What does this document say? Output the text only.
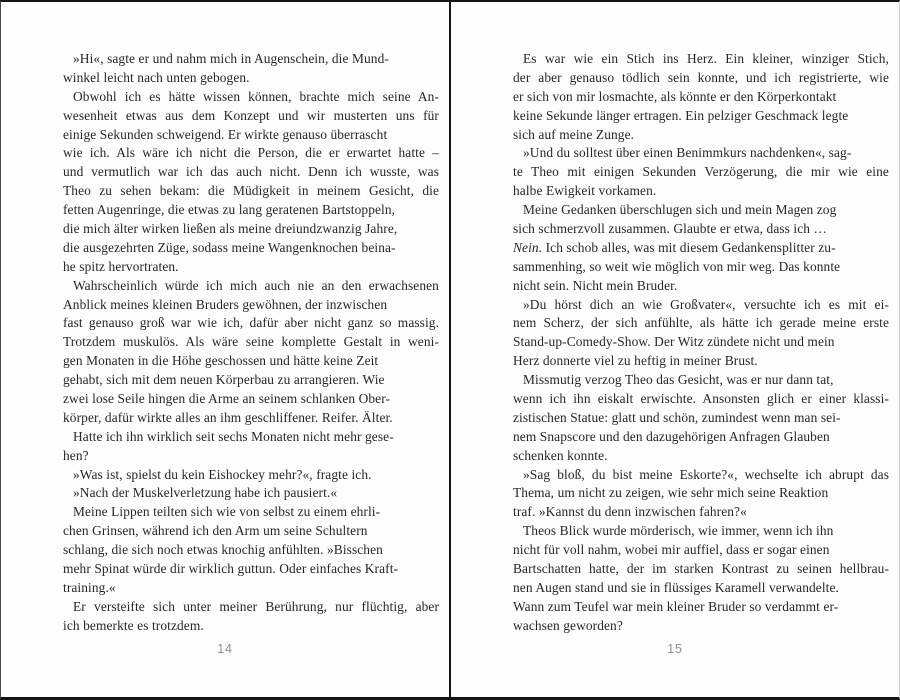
»Hi«, sagte er und nahm mich in Augenschein, die Mund-
winkel leicht nach unten gebogen.
Obwohl ich es hätte wissen können, brachte mich seine An-
wesenheit etwas aus dem Konzept und wir musterten uns für
einige Sekunden schweigend. Er wirkte genauso überrascht
wie ich. Als wäre ich nicht die Person, die er erwartet hatte –
und vermutlich war ich das auch nicht. Denn ich wusste, was
Theo zu sehen bekam: die Müdigkeit in meinem Gesicht, die
fetten Augenringe, die etwas zu lang geratenen Bartstoppeln,
die mich älter wirken ließen als meine dreiundzwanzig Jahre,
die ausgezehrten Züge, sodass meine Wangenknochen beina-
he spitz hervortraten.
Wahrscheinlich würde ich mich auch nie an den erwachsenen
Anblick meines kleinen Bruders gewöhnen, der inzwischen
fast genauso groß war wie ich, dafür aber nicht ganz so massig.
Trotzdem muskulös. Als wäre seine komplette Gestalt in weni-
gen Monaten in die Höhe geschossen und hätte keine Zeit
gehabt, sich mit dem neuen Körperbau zu arrangieren. Wie
zwei lose Seile hingen die Arme an seinem schlanken Ober-
körper, dafür wirkte alles an ihm geschliffener. Reifer. Älter.
Hatte ich ihn wirklich seit sechs Monaten nicht mehr gese-
hen?
»Was ist, spielst du kein Eishockey mehr?«, fragte ich.
»Nach der Muskelverletzung habe ich pausiert.«
Meine Lippen teilten sich wie von selbst zu einem ehrli-
chen Grinsen, während ich den Arm um seine Schultern
schlang, die sich noch etwas knochig anfühlten. »Bisschen
mehr Spinat würde dir wirklich guttun. Oder einfaches Kraft-
training.«
Er versteifte sich unter meiner Berührung, nur flüchtig, aber
ich bemerkte es trotzdem.
14
Es war wie ein Stich ins Herz. Ein kleiner, winziger Stich,
der aber genauso tödlich sein konnte, und ich registrierte, wie
er sich von mir losmachte, als könnte er den Körperkontakt
keine Sekunde länger ertragen. Ein pelziger Geschmack legte
sich auf meine Zunge.
»Und du solltest über einen Benimmkurs nachdenken«, sag-
te Theo mit einigen Sekunden Verzögerung, die mir wie eine
halbe Ewigkeit vorkamen.
Meine Gedanken überschlugen sich und mein Magen zog
sich schmerzvoll zusammen. Glaubte er etwa, dass ich …
Nein. Ich schob alles, was mit diesem Gedankensplitter zu-
sammenhing, so weit wie möglich von mir weg. Das konnte
nicht sein. Nicht mein Bruder.
»Du hörst dich an wie Großvater«, versuchte ich es mit ei-
nem Scherz, der sich anfühlte, als hätte ich gerade meine erste
Stand-up-Comedy-Show. Der Witz zündete nicht und mein
Herz donnerte viel zu heftig in meiner Brust.
Missmutig verzog Theo das Gesicht, was er nur dann tat,
wenn ich ihn eiskalt erwischte. Ansonsten glich er einer klassi-
zistischen Statue: glatt und schön, zumindest wenn man sei-
nem Snapscore und den dazugehörigen Anfragen Glauben
schenken konnte.
»Sag bloß, du bist meine Eskorte?«, wechselte ich abrupt das
Thema, um nicht zu zeigen, wie sehr mich seine Reaktion
traf. »Kannst du denn inzwischen fahren?«
Theos Blick wurde mörderisch, wie immer, wenn ich ihn
nicht für voll nahm, wobei mir auffiel, dass er sogar einen
Bartschatten hatte, der im starken Kontrast zu seinen hellbrau-
nen Augen stand und sie in flüssiges Karamell verwandelte.
Wann zum Teufel war mein kleiner Bruder so verdammt er-
wachsen geworden?
15
